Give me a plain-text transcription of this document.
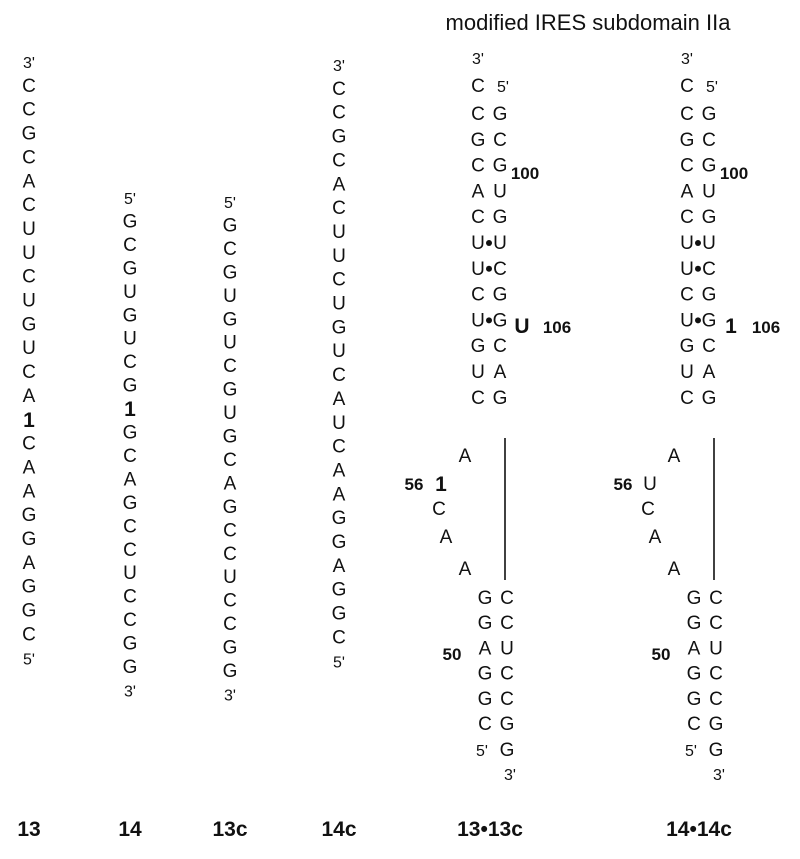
modified IRES subdomain IIa
3'
C
C
G
C
A
C
U
U
C
U
G
U
C
A
1
C
A
A
G
G
A
G
G
C
5'
13
5'
G
C
G
U
G
U
C
G
1
G
C
A
G
C
C
U
C
C
G
G
3'
14
5'
G
C
G
U
G
U
C
G
U
G
C
A
G
C
C
U
C
C
G
G
3'
13c
3'
C
C
G
C
A
C
U
U
C
U
G
U
C
A
U
C
A
A
G
G
A
G
G
C
5'
14c
3'
C 5'
C G
G C
C G
A U
C G
U U
U C
C G
U G
G C
U A
C G
100
U 106
A
1
C
A
A
56
G C
G C
A U
G C
G C
C G
50
5' G
3'
13•13c
3'
C 5'
C G
G C
C G
A U
C G
U U
U C
C G
U G
G C
U A
C G
100
1 106
A
U
C
A
A
56
G C
G C
A U
G C
G C
C G
50
5' G
3'
14•14c
